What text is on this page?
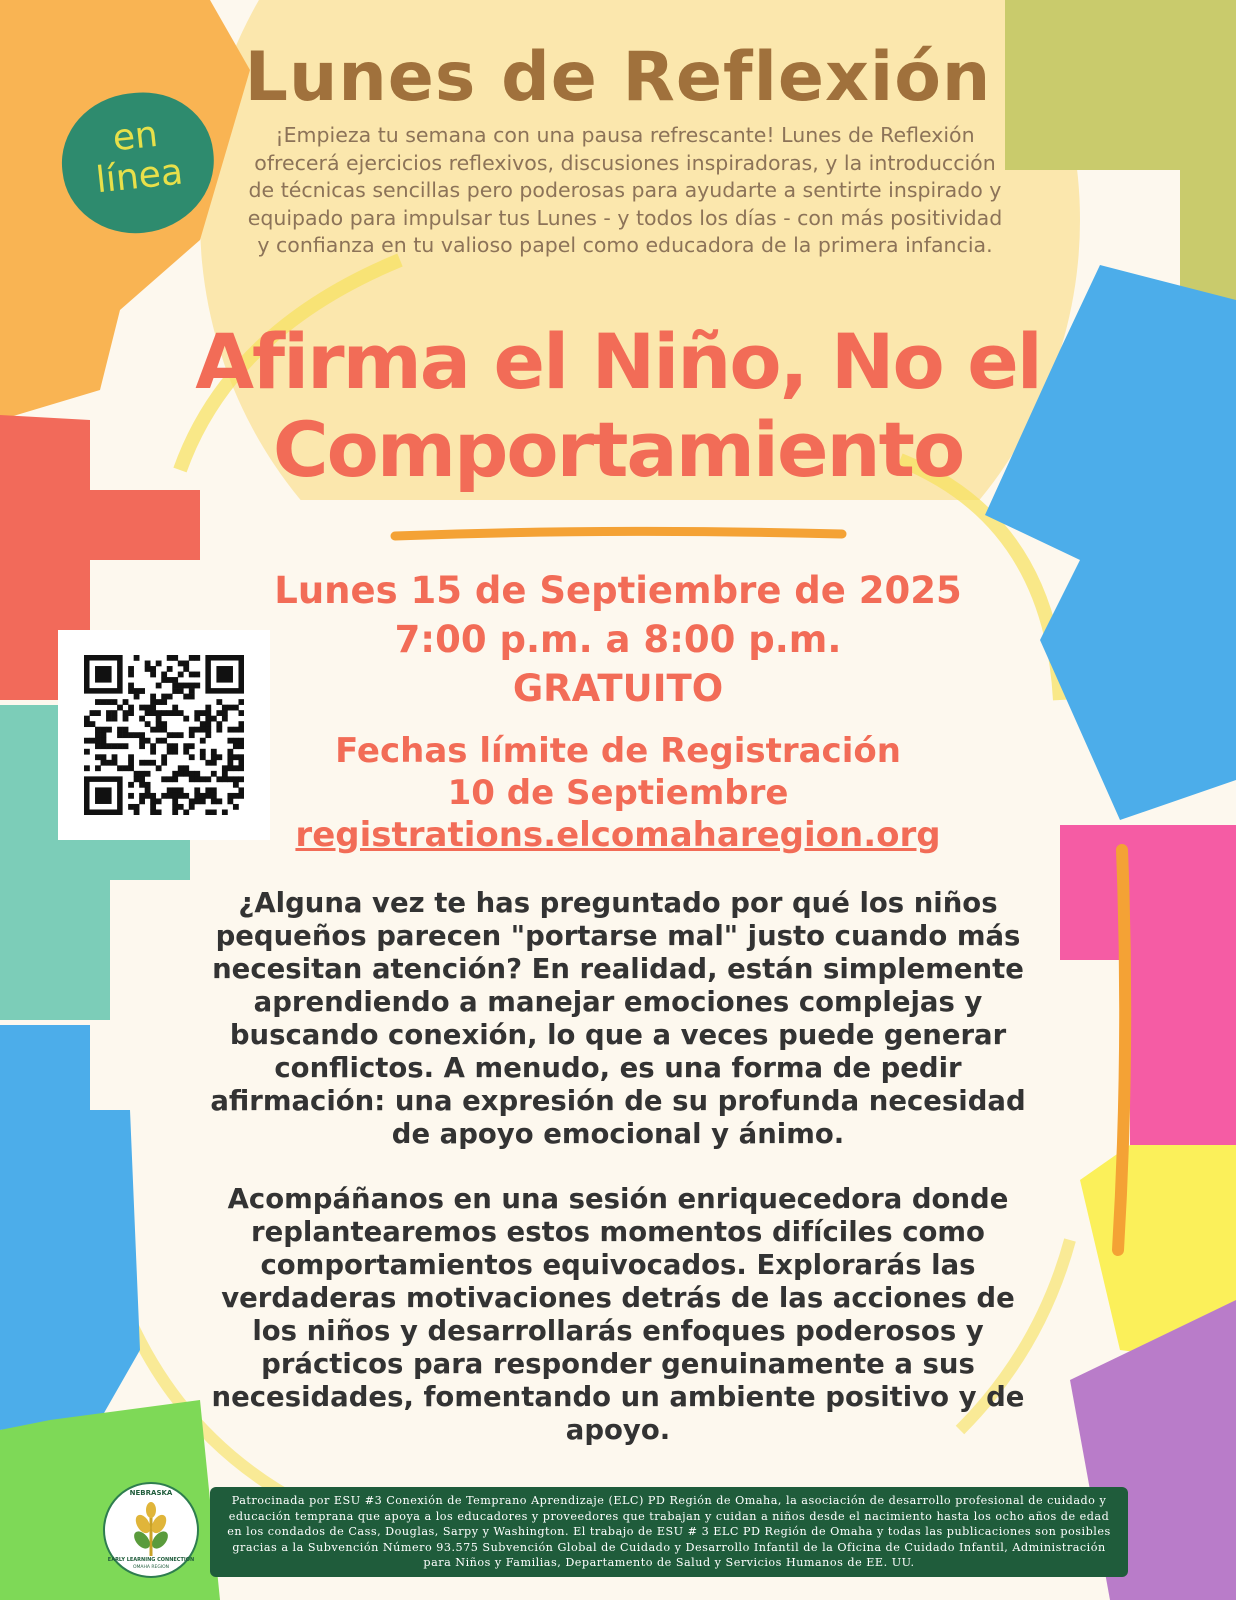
en
línea
Lunes de Reflexión
¡Empieza tu semana con una pausa refrescante! Lunes de Reflexión ofrecerá ejercicios reflexivos, discusiones inspiradoras, y la introducción de técnicas sencillas pero poderosas para ayudarte a sentirte inspirado y equipado para impulsar tus Lunes - y todos los días - con más positividad y confianza en tu valioso papel como educadora de la primera infancia.
Afirma el Niño, No el
Comportamiento
Lunes 15 de Septiembre de 2025
7:00 p.m. a 8:00 p.m.
GRATUITO
Fechas límite de Registración
10 de Septiembre
registrations.elcomaharegion.org
¿Alguna vez te has preguntado por qué los niños pequeños parecen "portarse mal" justo cuando más necesitan atención? En realidad, están simplemente aprendiendo a manejar emociones complejas y buscando conexión, lo que a veces puede generar conflictos. A menudo, es una forma de pedir afirmación: una expresión de su profunda necesidad de apoyo emocional y ánimo.
Acompáñanos en una sesión enriquecedora donde replantearemos estos momentos difíciles como comportamientos equivocados. Explorarás las verdaderas motivaciones detrás de las acciones de los niños y desarrollarás enfoques poderosos y prácticos para responder genuinamente a sus necesidades, fomentando un ambiente positivo y de apoyo.
NEBRASKA
EARLY LEARNING CONNECTION
OMAHA REGION
Patrocinada por ESU #3 Conexión de Temprano Aprendizaje (ELC) PD Región de Omaha, la asociación de desarrollo profesional de cuidado y educación temprana que apoya a los educadores y proveedores que trabajan y cuidan a niños desde el nacimiento hasta los ocho años de edad en los condados de Cass, Douglas, Sarpy y Washington. El trabajo de ESU # 3 ELC PD Región de Omaha y todas las publicaciones son posibles gracias a la Subvención Número 93.575 Subvención Global de Cuidado y Desarrollo Infantil de la Oficina de Cuidado Infantil, Administración para Niños y Familias, Departamento de Salud y Servicios Humanos de EE. UU.
